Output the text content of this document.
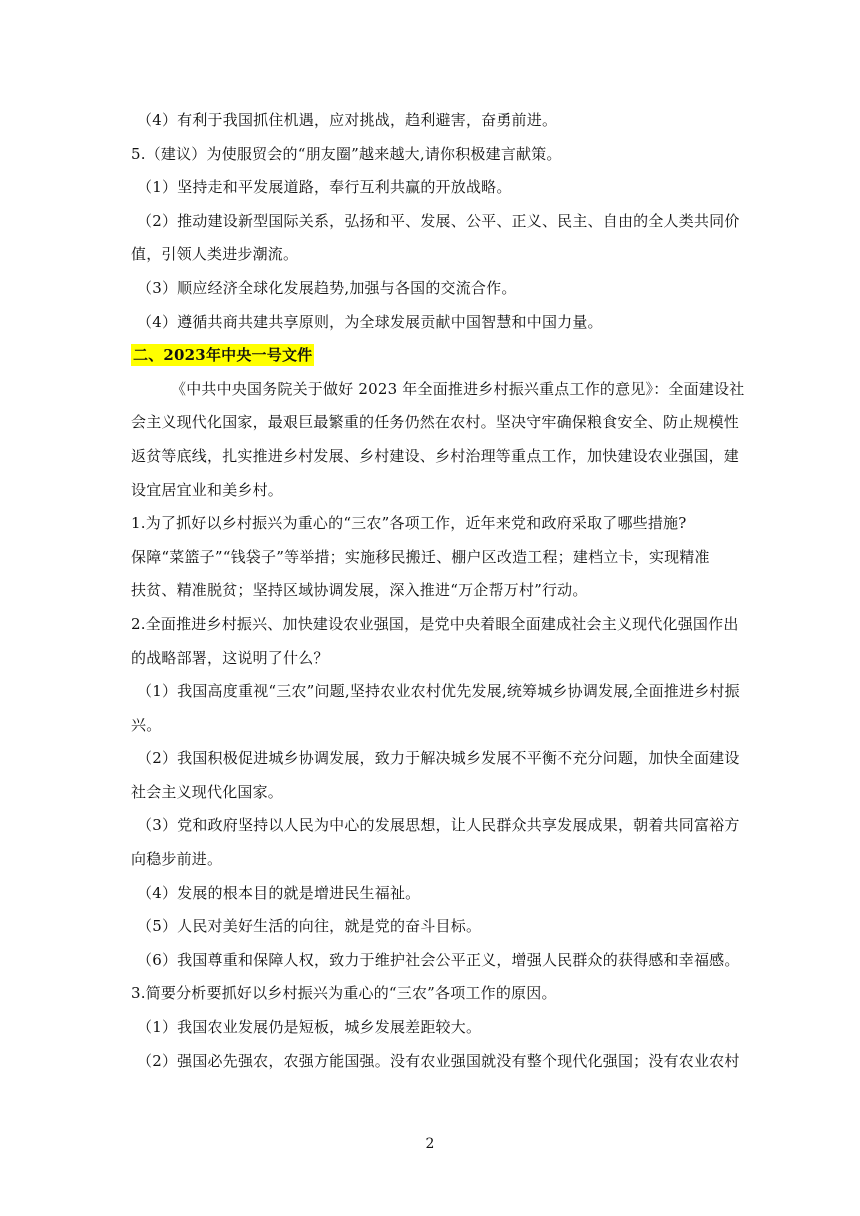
（4）有利于我国抓住机遇，应对挑战，趋利避害，奋勇前进。
5.（建议）为使服贸会的“朋友圈”越来越大,请你积极建言献策。
（1）坚持走和平发展道路，奉行互利共赢的开放战略。
（2）推动建设新型国际关系，弘扬和平、发展、公平、正义、民主、自由的全人类共同价
值，引领人类进步潮流。
（3）顺应经济全球化发展趋势,加强与各国的交流合作。
（4）遵循共商共建共享原则，为全球发展贡献中国智慧和中国力量。
二、2023年中央一号文件
《中共中央国务院关于做好 2023 年全面推进乡村振兴重点工作的意见》：全面建设社
会主义现代化国家，最艰巨最繁重的任务仍然在农村。坚决守牢确保粮食安全、防止规模性
返贫等底线，扎实推进乡村发展、乡村建设、乡村治理等重点工作，加快建设农业强国，建
设宜居宜业和美乡村。
1.为了抓好以乡村振兴为重心的“三农”各项工作，近年来党和政府采取了哪些措施?
保障“菜篮子”“钱袋子”等举措；实施移民搬迁、棚户区改造工程；建档立卡，实现精准
扶贫、精准脱贫；坚持区域协调发展，深入推进“万企帮万村”行动。
2.全面推进乡村振兴、加快建设农业强国，是党中央着眼全面建成社会主义现代化强国作出
的战略部署，这说明了什么？
（1）我国高度重视“三农”问题,坚持农业农村优先发展,统筹城乡协调发展,全面推进乡村振
兴。
（2）我国积极促进城乡协调发展，致力于解决城乡发展不平衡不充分问题，加快全面建设
社会主义现代化国家。
（3）党和政府坚持以人民为中心的发展思想，让人民群众共享发展成果，朝着共同富裕方
向稳步前进。
（4）发展的根本目的就是增进民生福祉。
（5）人民对美好生活的向往，就是党的奋斗目标。
（6）我国尊重和保障人权，致力于维护社会公平正义，增强人民群众的获得感和幸福感。
3.简要分析要抓好以乡村振兴为重心的“三农”各项工作的原因。
（1）我国农业发展仍是短板，城乡发展差距较大。
（2）强国必先强农，农强方能国强。没有农业强国就没有整个现代化强国；没有农业农村
2
